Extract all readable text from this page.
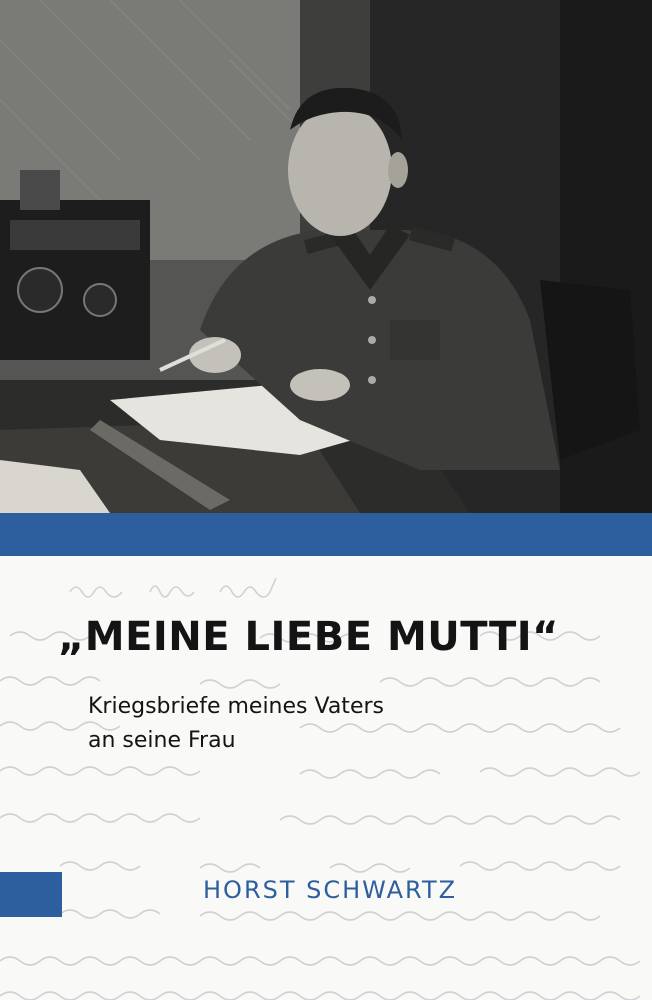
„MEINE LIEBE MUTTI“
Kriegsbriefe meines Vaters
an seine Frau
HORST SCHWARTZ
